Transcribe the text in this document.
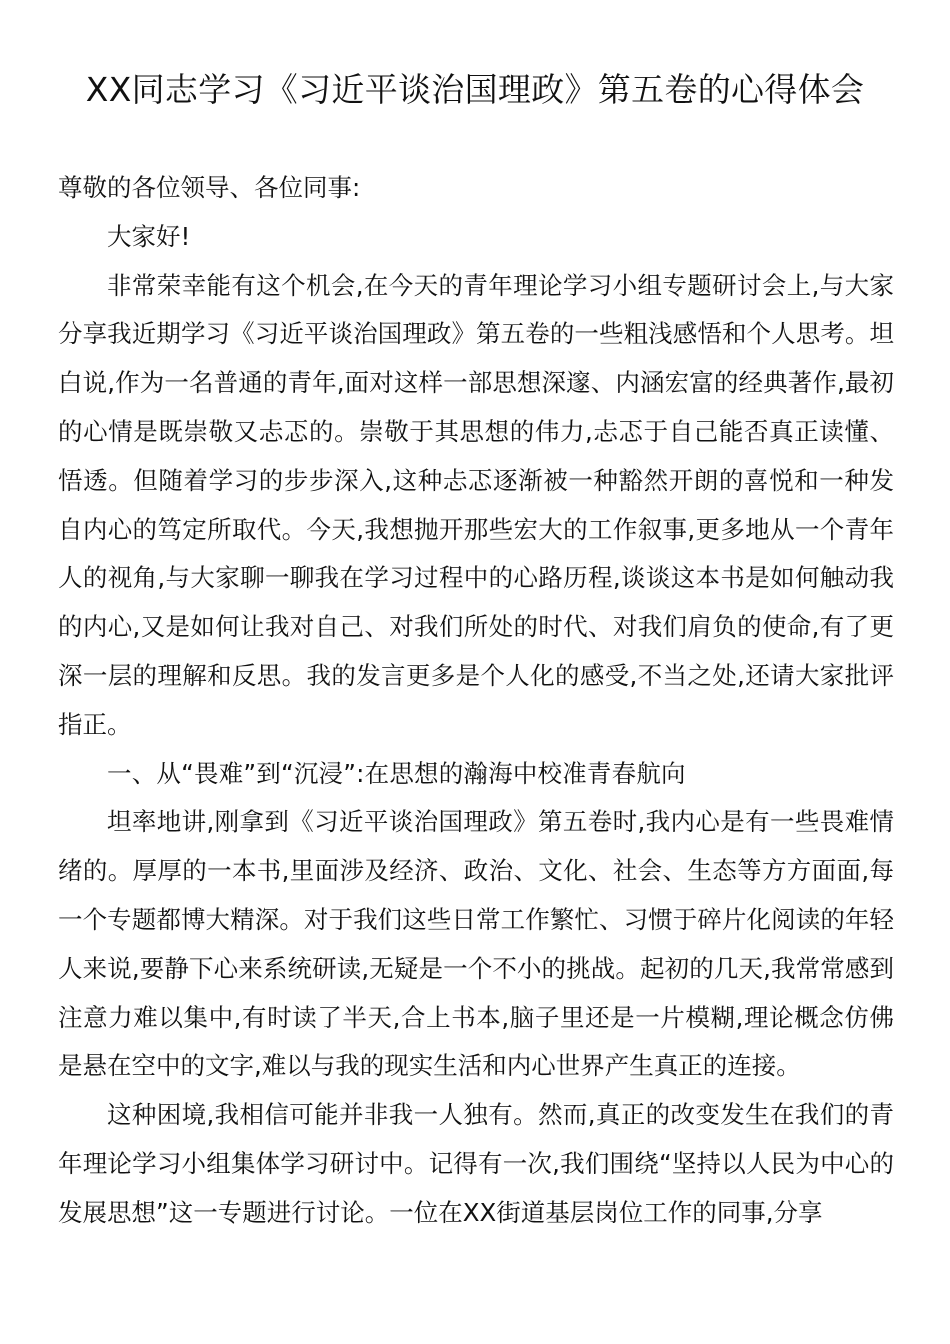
XX同志学习《习近平谈治国理政》第五卷的心得体会

尊敬的各位领导、各位同事:

大家好!

非常荣幸能有这个机会,在今天的青年理论学习小组专题研讨会上,与大家分享我近期学习《习近平谈治国理政》第五卷的一些粗浅感悟和个人思考。坦白说,作为一名普通的青年,面对这样一部思想深邃、内涵宏富的经典著作,最初的心情是既崇敬又忐忑的。崇敬于其思想的伟力,忐忑于自己能否真正读懂、悟透。但随着学习的步步深入,这种忐忑逐渐被一种豁然开朗的喜悦和一种发自内心的笃定所取代。今天,我想抛开那些宏大的工作叙事,更多地从一个青年人的视角,与大家聊一聊我在学习过程中的心路历程,谈谈这本书是如何触动我的内心,又是如何让我对自己、对我们所处的时代、对我们肩负的使命,有了更深一层的理解和反思。我的发言更多是个人化的感受,不当之处,还请大家批评指正。

一、从“畏难”到“沉浸”:在思想的瀚海中校准青春航向

坦率地讲,刚拿到《习近平谈治国理政》第五卷时,我内心是有一些畏难情绪的。厚厚的一本书,里面涉及经济、政治、文化、社会、生态等方方面面,每一个专题都博大精深。对于我们这些日常工作繁忙、习惯于碎片化阅读的年轻人来说,要静下心来系统研读,无疑是一个不小的挑战。起初的几天,我常常感到注意力难以集中,有时读了半天,合上书本,脑子里还是一片模糊,理论概念仿佛是悬在空中的文字,难以与我的现实生活和内心世界产生真正的连接。

这种困境,我相信可能并非我一人独有。然而,真正的改变发生在我们的青年理论学习小组集体学习研讨中。记得有一次,我们围绕“坚持以人民为中心的发展思想”这一专题进行讨论。一位在XX街道基层岗位工作的同事,分享
